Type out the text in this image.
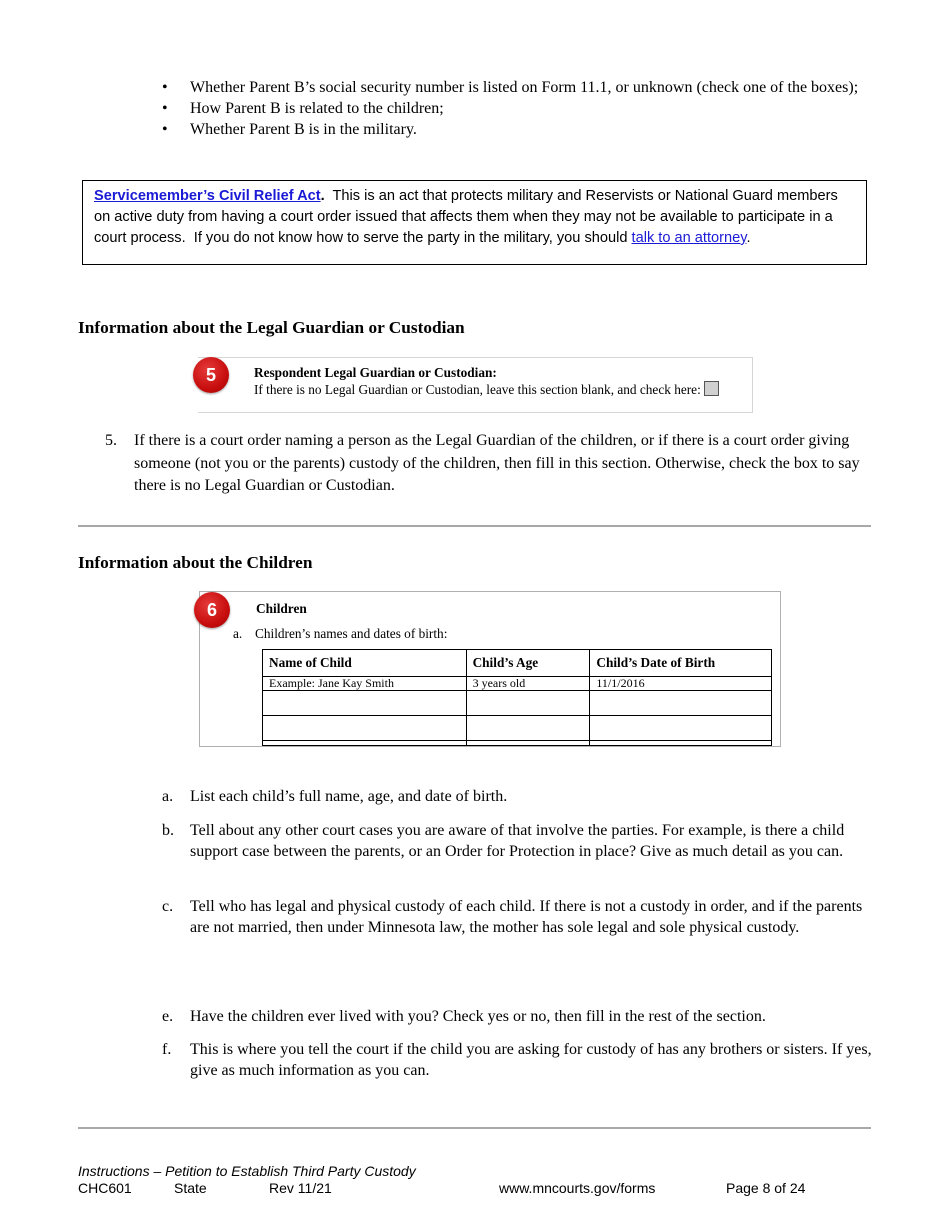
• Whether Parent B’s social security number is listed on Form 11.1, or unknown (check one of the boxes);
• How Parent B is related to the children;
• Whether Parent B is in the military.
Servicemember’s Civil Relief Act.  This is an act that protects military and Reservists or National Guard members on active duty from having a court order issued that affects them when they may not be available to participate in a court process.  If you do not know how to serve the party in the military, you should talk to an attorney.
Information about the Legal Guardian or Custodian
Respondent Legal Guardian or Custodian:
If there is no Legal Guardian or Custodian, leave this section blank, and check here:
5
5. If there is a court order naming a person as the Legal Guardian of the children, or if there is a court order giving someone (not you or the parents) custody of the children, then fill in this section. Otherwise, check the box to say there is no Legal Guardian or Custodian.
Information about the Children
Children
a. Children’s names and dates of birth:
Name of Child	Child’s Age	Child’s Date of Birth
Example: Jane Kay Smith	3 years old	11/1/2016

6
a. List each child’s full name, age, and date of birth.
b. Tell about any other court cases you are aware of that involve the parties. For example, is there a child support case between the parents, or an Order for Protection in place? Give as much detail as you can.
c. Tell who has legal and physical custody of each child. If there is not a custody in order, and if the parents are not married, then under Minnesota law, the mother has sole legal and sole physical custody.
e. Have the children ever lived with you? Check yes or no, then fill in the rest of the section.
f. This is where you tell the court if the child you are asking for custody of has any brothers or sisters. If yes, give as much information as you can.
Instructions – Petition to Establish Third Party Custody
CHC601	State	Rev 11/21	www.mncourts.gov/forms	Page 8 of 24
